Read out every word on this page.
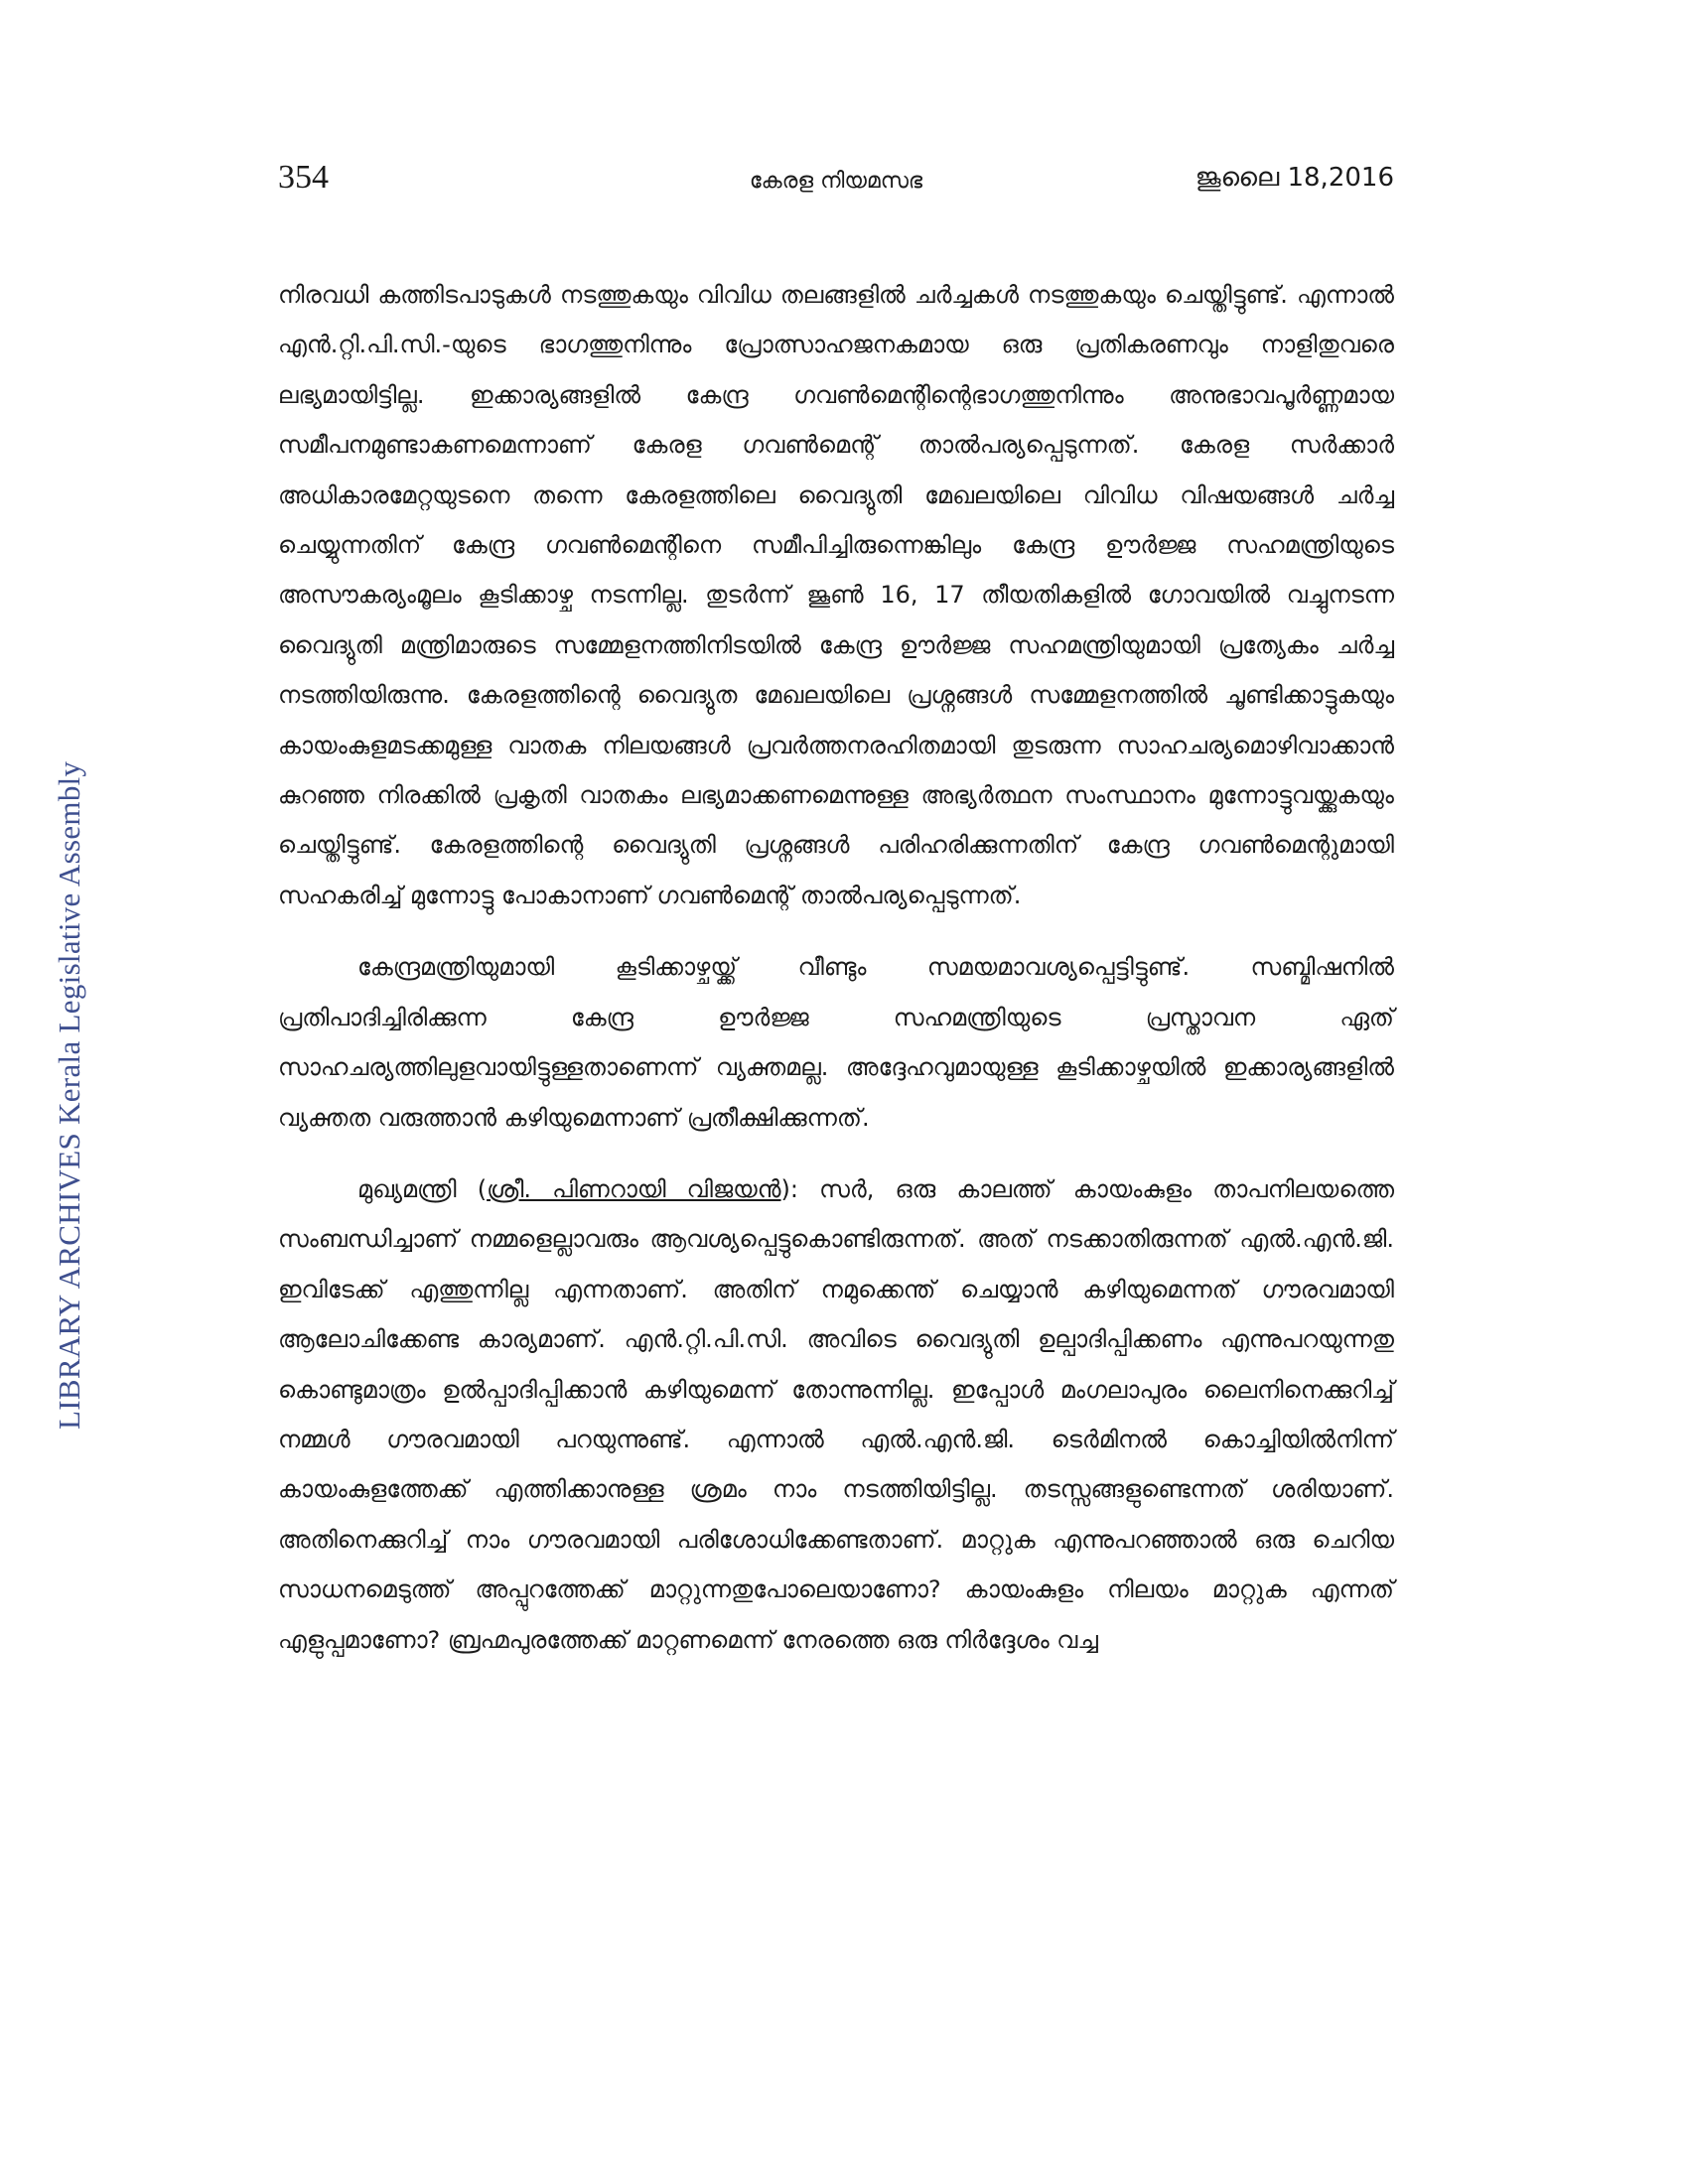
354	കേരള നിയമസഭ	ജൂലൈ 18,2016
LIBRARY ARCHIVES Kerala Legislative Assembly

നിരവധി കത്തിടപാടുകൾ നടത്തുകയും വിവിധ തലങ്ങളിൽ ചർച്ചകൾ നടത്തുകയും ചെയ്തിട്ടുണ്ട്. എന്നാൽ എൻ.റ്റി.പി.സി.-യുടെ ഭാഗത്തുനിന്നും പ്രോത്സാഹജനകമായ ഒരു പ്രതികരണവും നാളിതുവരെ ലഭ്യമായിട്ടില്ല. ഇക്കാര്യങ്ങളിൽ കേന്ദ്ര ഗവൺമെന്റിന്റെഭാഗത്തുനിന്നും അനുഭാവപൂർണ്ണമായ സമീപനമുണ്ടാകണമെന്നാണ് കേരള ഗവൺമെന്റ് താൽപര്യപ്പെടുന്നത്. കേരള സർക്കാർ അധികാരമേറ്റയുടനെ തന്നെ കേരളത്തിലെ വൈദ്യുതി മേഖലയിലെ വിവിധ വിഷയങ്ങൾ ചർച്ച ചെയ്യുന്നതിന് കേന്ദ്ര ഗവൺമെന്റിനെ സമീപിച്ചിരുന്നെങ്കിലും കേന്ദ്ര ഊർജ്ജ സഹമന്ത്രിയുടെ അസൗകര്യംമൂലം കൂടിക്കാഴ്ച നടന്നില്ല. തുടർന്ന് ജൂൺ 16, 17 തീയതികളിൽ ഗോവയിൽ വച്ചുനടന്ന വൈദ്യുതി മന്ത്രിമാരുടെ സമ്മേളനത്തിനിടയിൽ കേന്ദ്ര ഊർജ്ജ സഹമന്ത്രിയുമായി പ്രത്യേകം ചർച്ച നടത്തിയിരുന്നു. കേരളത്തിന്റെ വൈദ്യുത മേഖലയിലെ പ്രശ്നങ്ങൾ സമ്മേളനത്തിൽ ചൂണ്ടിക്കാട്ടുകയും കായംകുളമടക്കമുള്ള വാതക നിലയങ്ങൾ പ്രവർത്തനരഹിതമായി തുടരുന്ന സാഹചര്യമൊഴിവാക്കാൻ കുറഞ്ഞ നിരക്കിൽ പ്രകൃതി വാതകം ലഭ്യമാക്കണമെന്നുള്ള അഭ്യർത്ഥന സംസ്ഥാനം മുന്നോട്ടുവയ്ക്കുകയും ചെയ്തിട്ടുണ്ട്. കേരളത്തിന്റെ വൈദ്യുതി പ്രശ്നങ്ങൾ പരിഹരിക്കുന്നതിന് കേന്ദ്ര ഗവൺമെന്റുമായി സഹകരിച്ച് മുന്നോട്ടു പോകാനാണ് ഗവൺമെന്റ് താൽപര്യപ്പെടുന്നത്.

കേന്ദ്രമന്ത്രിയുമായി കൂടിക്കാഴ്ചയ്ക്ക് വീണ്ടും സമയമാവശ്യപ്പെട്ടിട്ടുണ്ട്. സബ്മിഷനിൽ പ്രതിപാദിച്ചിരിക്കുന്ന കേന്ദ്ര ഊർജ്ജ സഹമന്ത്രിയുടെ പ്രസ്താവന ഏത് സാഹചര്യത്തിലുളവായിട്ടുള്ളതാണെന്ന് വ്യക്തമല്ല. അദ്ദേഹവുമായുള്ള കൂടിക്കാഴ്ചയിൽ ഇക്കാര്യങ്ങളിൽ വ്യക്തത വരുത്താൻ കഴിയുമെന്നാണ് പ്രതീക്ഷിക്കുന്നത്.

മുഖ്യമന്ത്രി (ശ്രീ. പിണറായി വിജയൻ): സർ, ഒരു കാലത്ത് കായംകുളം താപനിലയത്തെ സംബന്ധിച്ചാണ് നമ്മളെല്ലാവരും ആവശ്യപ്പെട്ടുകൊണ്ടിരുന്നത്. അത് നടക്കാതിരുന്നത് എൽ.എൻ.ജി. ഇവിടേക്ക് എത്തുന്നില്ല എന്നതാണ്. അതിന് നമുക്കെന്ത് ചെയ്യാൻ കഴിയുമെന്നത് ഗൗരവമായി ആലോചിക്കേണ്ട കാര്യമാണ്. എൻ.റ്റി.പി.സി. അവിടെ വൈദ്യുതി ഉല്പാദിപ്പിക്കണം എന്നുപറയുന്നതു കൊണ്ടുമാത്രം ഉൽപ്പാദിപ്പിക്കാൻ കഴിയുമെന്ന് തോന്നുന്നില്ല. ഇപ്പോൾ മംഗലാപുരം ലൈനിനെക്കുറിച്ച് നമ്മൾ ഗൗരവമായി പറയുന്നുണ്ട്. എന്നാൽ എൽ.എൻ.ജി. ടെർമിനൽ കൊച്ചിയിൽനിന്ന് കായംകുളത്തേക്ക് എത്തിക്കാനുള്ള ശ്രമം നാം നടത്തിയിട്ടില്ല. തടസ്സങ്ങളുണ്ടെന്നത് ശരിയാണ്. അതിനെക്കുറിച്ച് നാം ഗൗരവമായി പരിശോധിക്കേണ്ടതാണ്. മാറ്റുക എന്നുപറഞ്ഞാൽ ഒരു ചെറിയ സാധനമെടുത്ത് അപ്പുറത്തേക്ക് മാറ്റുന്നതുപോലെയാണോ? കായംകുളം നിലയം മാറ്റുക എന്നത് എളുപ്പമാണോ? ബ്രഹ്മപുരത്തേക്ക് മാറ്റണമെന്ന് നേരത്തെ ഒരു നിർദ്ദേശം വച്ച
